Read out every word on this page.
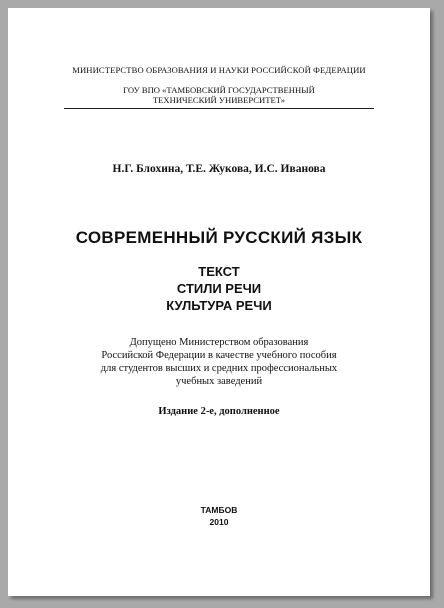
МИНИСТЕРСТВО ОБРАЗОВАНИЯ И НАУКИ РОССИЙСКОЙ ФЕДЕРАЦИИ
ГОУ ВПО «ТАМБОВСКИЙ ГОСУДАРСТВЕННЫЙ
ТЕХНИЧЕСКИЙ УНИВЕРСИТЕТ»
Н.Г. Блохина, Т.Е. Жукова, И.С. Иванова
СОВРЕМЕННЫЙ РУССКИЙ ЯЗЫК
ТЕКСТ
СТИЛИ РЕЧИ
КУЛЬТУРА РЕЧИ
Допущено Министерством образования
Российской Федерации в качестве учебного пособия
для студентов высших и средних профессиональных
учебных заведений
Издание 2-е, дополненное
ТАМБОВ
2010
